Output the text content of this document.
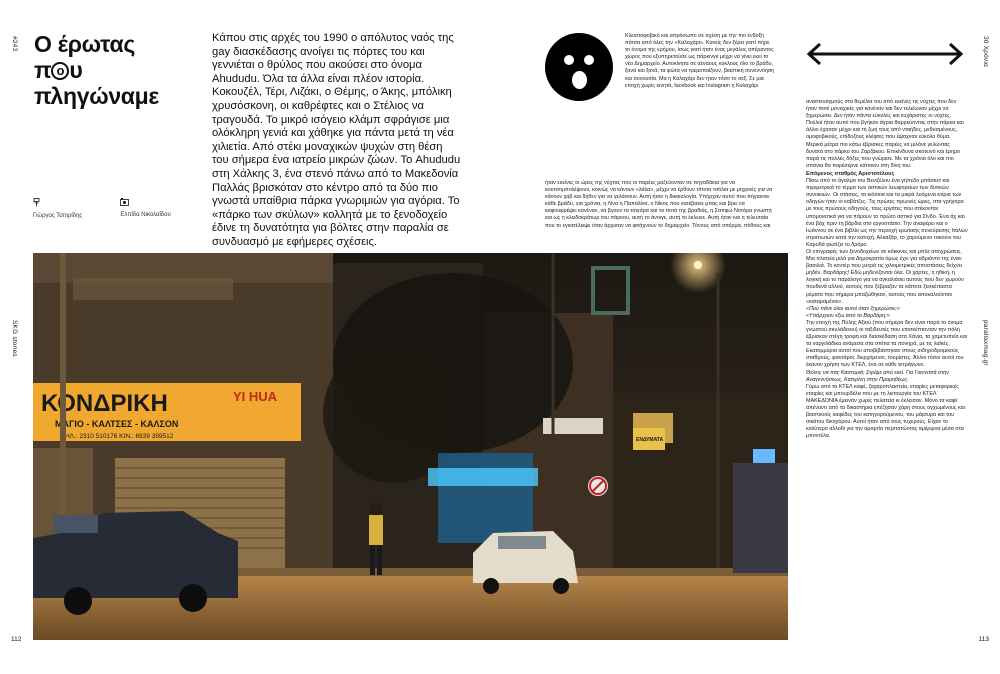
#243	30 Χρόνια
SKG stories	parallaxmag.gr
Ο έρωτας
π ο υ
πληγώναμε
Κάπου στις αρχές του 1990 ο απόλυτος ναός της gay διασκέδασης ανοίγει τις πόρτες του και γεννιέται ο θρύλος που ακούσει στο όνομα Ahududu. Όλα τα άλλα είναι πλέον ιστορία. Κοκουζέλ, Τέρι, Λιζάκι, ο Θέμης, ο Άκης, μπόλικη χρυσόσκονη, οι καθρέφτες και ο Στέλιος να τραγουδά. Το μικρό ισόγειο κλάμπ σφράγισε μια ολόκληρη γενιά και χάθηκε για πάντα μετά τη νέα χιλιετία. Από στέκι μοναχικών ψυχών στη θέση του σήμερα ένα ιατρείο μικρών ζώων. Το Ahududu στη Χάλκης 3, ένα στενό πάνω από το Μακεδονία Παλλάς βρισκόταν στο κέντρο από τα δύο πιο γνωστά υπαίθρια πάρκα γνωριμιών για αγόρια. Το «πάρκο των σκύλων» κολλητά με το ξενοδοχείο έδινε τη δυνατότητα για βόλτες στην παραλία σε συνδυασμό με εφήμερες σχέσεις.
Γιώργος Τσιτιρίδης	Ελπίδα Νικολαΐδου
ΚΟΝΔΡΙΚΗ	YI HUA
ΜΑΓΙΟ - ΚΑΛΤΣΕΣ - ΚΑΛΣΟΝ
ΤΗΛ.: 2310 510176 ΚΙΝ.: 6939 359512	ΕΝΔΥΜΑΤΑ
112	113
Κλειστοφοβικό και απρόσωπο σε σχέση με την πιο ένδοξη πάτσα από όλες την «Καλαχάρι». Κανείς δεν ξέρει γιατί πήρε το όνομα της ερήμου, ίσως γιατί ήταν ένας μεγάλος απέραντος χώρος που εξυπηρετούσε ως πάρκινγκ μέχρι να γίνει εκεί το νέο Δημαρχείο. Αυτοκίνητα σε αέναους κύκλους όλο το βράδυ, ξανά και ξανά, τα φώτα να τρεμοπαίζουν, βιαστική συνεννόηση και συνουσία. Μα η Καλαχάρι δεν ήταν τόσο το σεξ. Σε μια εποχή χωρίς κινητά, facebook και Instagram η Καλαχάρι
ήταν εκείνες οι ώρες της νύχτας που οι παρέες μαζεύονταν σε πηγαδάκια για να κουτσομπολέψουν, κοινώς να κάνουν «λάλα», μέχρι να έρθουν τίποτα τσόλια με μηχανές για να κάνουν χαβ και δήθεν για να γελάσουν. Αυτή ήταν η δικαιολογία. Υπήρχαν αυτοί που πήγαιναν κάθε βράδυ, για χρόνια, η Λίνα η Παπαλίνα, ο Νίκος που κατέβαινε μπας και βρει να καφουφρέψει κανέναν, να βγουν τα τσιγάρα και τα ποτά της βραδιάς, η Σαπφώ Νοτάρα γνωστή και ως η κλειδοκράτωρ του πάρκου, αυτή το άνοιγε, αυτή το έκλεινε. Αυτή ήταν και η τελευταία που το εγκατέλειψε όταν άρχισαν να φτιάχνουν το δημαρχείο. Τόνους από σπέρμα, πόθους και

αναστεναγμούς στα θεμέλια του από εκείνες τις νύχτες που δεν ήταν ποτέ μοναχικές για κανέναν και δεν τελείωναν μέχρι να ξημερώσει. Δεν ήταν πάντα εύκολες και ευχάριστες οι νύχτες. Πολλοί ήταν αυτοί που βγήκαν άγρια θαρρεύοντας στην πάρκα και άλλοι έχασαν μέχρι και τη ζωή τους από νταήδες, μεθυσμένους, ομοφοβικούς, επίδοξους κλέφτες που έψαχναν εύκολο θύμα.

Μερικά μέτρα πιο κάτω έβρισκες παρέες να μιλάνε γελώντας δυνατά στο πάρκο του Ζαρζάκου. Επικίνδυνα σκοτεινό και έρημο παρά τις πολλές δόξες που γνώρισε. Με τα χρόνια όλο και πιο σπάνια θα παρέσερνε κάποιον στη δίνη του.

Επόμενος σταθμός Αριστοτέλους

Πίσω από το άγαλμα του Βενιζέλου ένα γήπεδο μπάσκετ και περιμετρικά το τέρμα των αστικών λεωφορείων των δυτικών συνοικιών. Οι στάσεις, τα κιόσκια και τα μικρά λυόμενα κτίρια των οδηγών ήταν οι καβάτζες. Τις πρώτες πρωινές ώρες, στα γρήγορα με τους πρώτους οδηγούς, τους εργάτες που στέκονταν υπομονετικά για να πάρουν το πρώτο αστικό για Σίνδο. Ένα άχ και ένα βάχ πριν τη βάρδια στο εργοστάσιο. Την αναφέρει και ο Ιωάννου σε ένα βιβλίο ως την περιοχή ερωτικής συνεύρεσης Ιταλών στρατιωτών κατά την κατοχή. Αλκαζάρ, το χαρούμενο τακούνι του Καρυδά φωτίζει το δρόμο.

Οι επιγραφές των ξενοδοχείων σε κόκκινες και μπλε αποχρώσεις. Μια πλατεία μιλά για Δημοκρατία όμως έχει για αδριάντα της έναν βασιλιά. Το κοντέρ που μετρά τις χιλιομετρικές αποστάσεις δείχνει μηδέν. Βαρδάρης! Εδώ μηδενίζονται όλα. Οι χάρτες, η ηθική, η λογική και το παράλογο για να αγκαλιάσει αυτούς που δεν χωρούν πουθενά αλλού, αυτούς που ξέβραζαν τα κάποτε ξεσκέπαστα ρέματα που σήμερα μπαζώθηκαν, αυτούς που αποκαλούνταν «καταραμένοι».

«Πού πάνε όλοι αυτοί όταν ξημερώσει;»

«Υπάρχουν έξω από το Βαρδάρη;»

Την εποχή της Πύλης Αξιού (που σήμερα δεν είναι παρά το όνομα γνωστού σκυλάδικου) οι ταξιδευτές που επισκέπτονταν την πόλη έβρισκαν στέγη τροφή και διασκέδαση στα Χάνια, τα χαμετυπεία και τα ναργιλάδικα ανάμεσα στα σπίτια τα πονηρά, με τις λαϊκές. Εκατομμύρια αυτοί που αποβιβάστηκαν στους σιδηροδρομικούς σταθμούς, φαντάροι, διερχόμενοι, τουρίστες. Άλλοι τόσοι αυτοί του έκαναν χρήση των ΚΤΕΛ, ένα σε κάθε τετράγωνο.

Θέλεις να πας Καστοριά; Στρίψε από εκεί. Για Γιαννιτσά στην Αναγεννήσεως, Κατερίνη στην Προμηθέως.

Γύρω από τα ΚΤΕΛ καφέ, ζαχαροπλαστεία, εταιρίες μεταφορικές εταιρίες και μπουρδέλα που με τη λειτουργία του ΚΤΕΛ ΜΑΚΕΔΟΝΙΑ έμειναν χωρίς πελατεία κι έκλεισαν. Μόνο τα καφέ απέναντι από τα δικαστήρια επέζησαν χάρη στους αγχωμένους και βιαστικούς καφέδες του κατηγορούμενου, του μάρτυρα και του σικάτου δικηγόρου. Αυτοί ήταν από τους τυχερούς. Είχαν το καλύτερο αλλοθι για την αμαρτία περπατώντας αμέριμνα μέσα στα μποντέλα.
